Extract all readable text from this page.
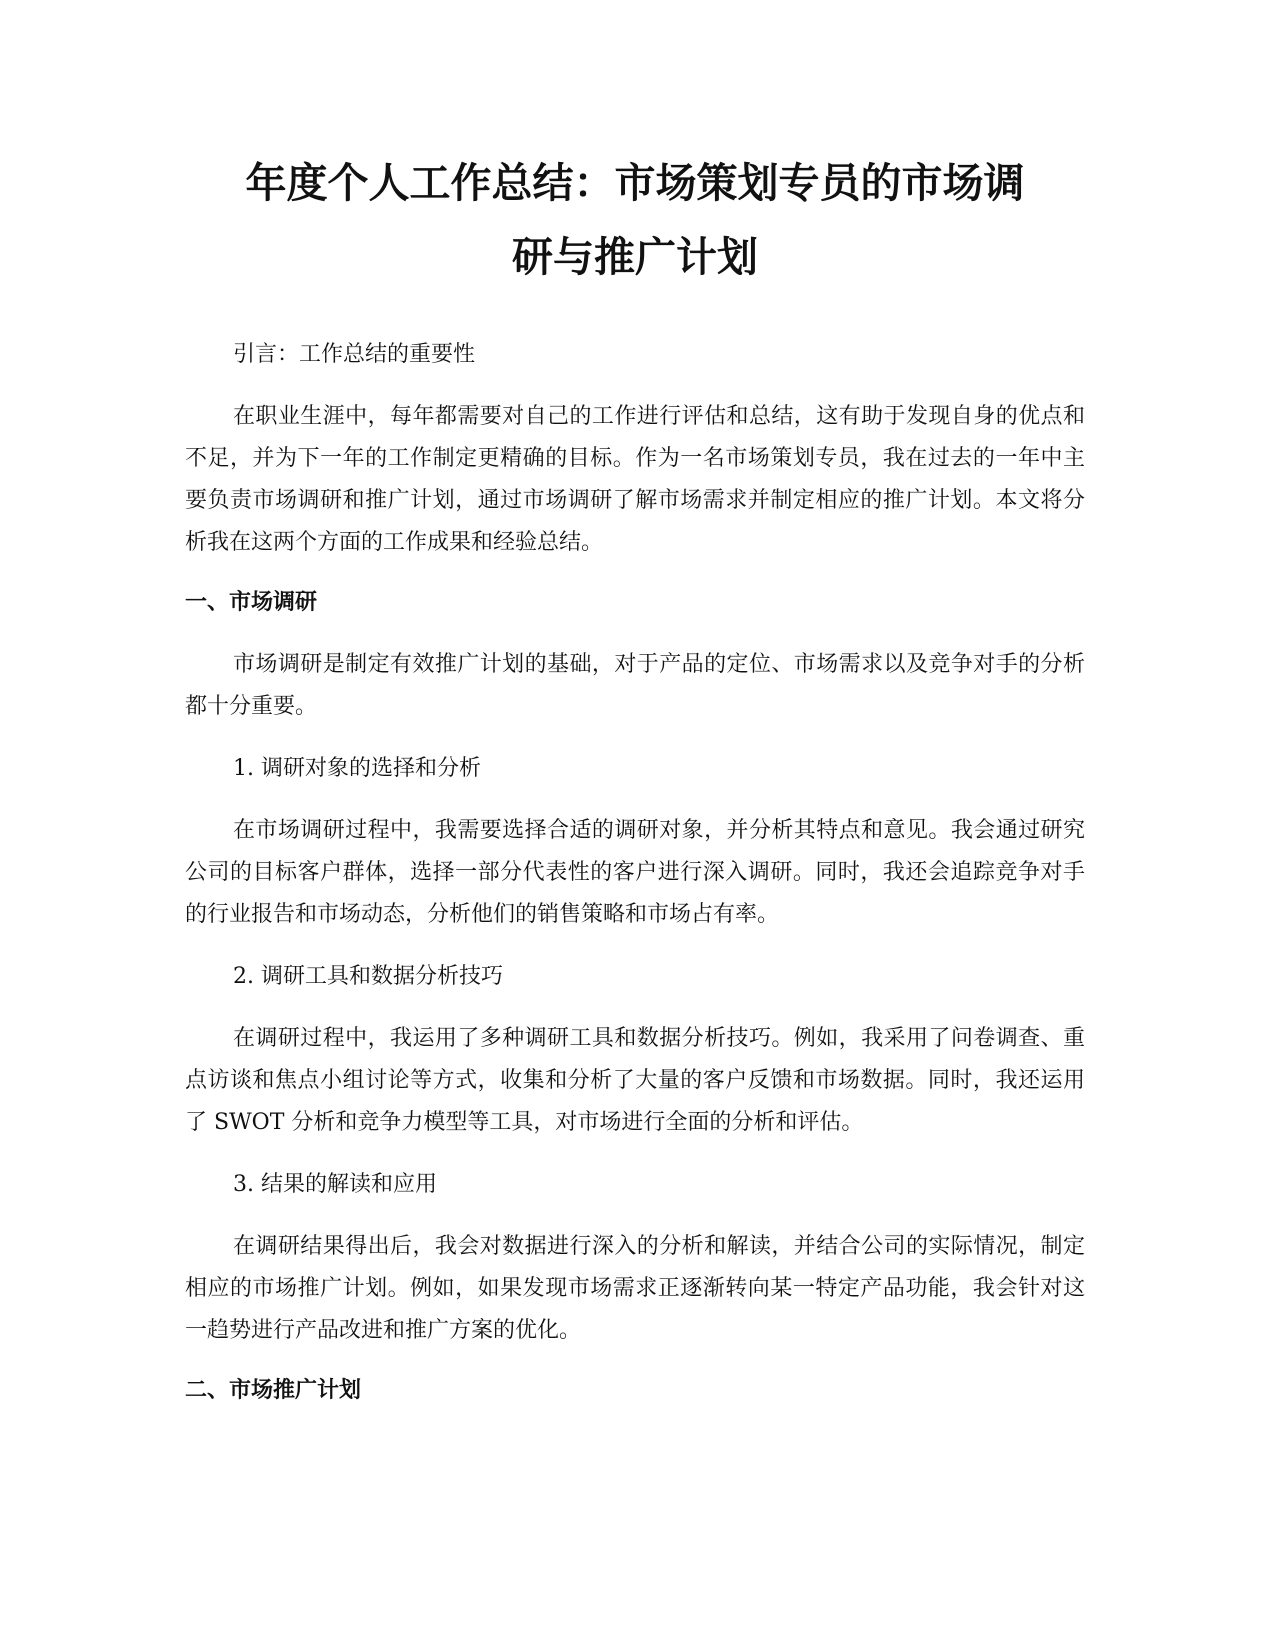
年度个人工作总结：市场策划专员的市场调
研与推广计划

引言：工作总结的重要性

在职业生涯中，每年都需要对自己的工作进行评估和总结，这有助于发现自身的优点和不足，并为下一年的工作制定更精确的目标。作为一名市场策划专员，我在过去的一年中主要负责市场调研和推广计划，通过市场调研了解市场需求并制定相应的推广计划。本文将分析我在这两个方面的工作成果和经验总结。

一、市场调研

市场调研是制定有效推广计划的基础，对于产品的定位、市场需求以及竞争对手的分析都十分重要。

1. 调研对象的选择和分析

在市场调研过程中，我需要选择合适的调研对象，并分析其特点和意见。我会通过研究公司的目标客户群体，选择一部分代表性的客户进行深入调研。同时，我还会追踪竞争对手的行业报告和市场动态，分析他们的销售策略和市场占有率。

2. 调研工具和数据分析技巧

在调研过程中，我运用了多种调研工具和数据分析技巧。例如，我采用了问卷调查、重点访谈和焦点小组讨论等方式，收集和分析了大量的客户反馈和市场数据。同时，我还运用了 SWOT 分析和竞争力模型等工具，对市场进行全面的分析和评估。

3. 结果的解读和应用

在调研结果得出后，我会对数据进行深入的分析和解读，并结合公司的实际情况，制定相应的市场推广计划。例如，如果发现市场需求正逐渐转向某一特定产品功能，我会针对这一趋势进行产品改进和推广方案的优化。

二、市场推广计划
